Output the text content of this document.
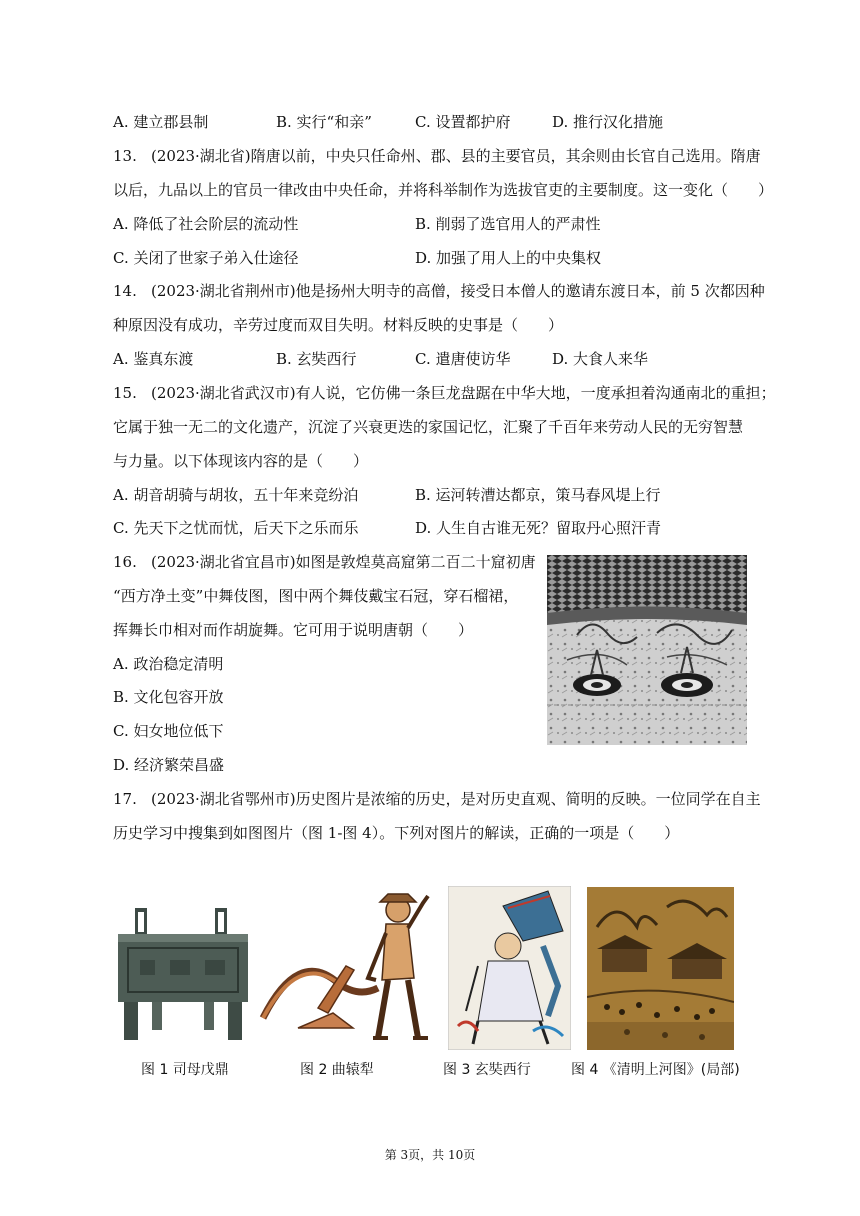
A. 建立郡县制	B. 实行“和亲”	C. 设置都护府	D. 推行汉化措施
13. (2023·湖北省)隋唐以前，中央只任命州、郡、县的主要官员，其余则由长官自己选用。隋唐
以后，九品以上的官员一律改由中央任命，并将科举制作为选拔官吏的主要制度。这一变化（　　）
A. 降低了社会阶层的流动性	B. 削弱了选官用人的严肃性
C. 关闭了世家子弟入仕途径	D. 加强了用人上的中央集权
14. (2023·湖北省荆州市)他是扬州大明寺的高僧，接受日本僧人的邀请东渡日本，前 5 次都因种
种原因没有成功，辛劳过度而双目失明。材料反映的史事是（　　）
A. 鉴真东渡	B. 玄奘西行	C. 遣唐使访华	D. 大食人来华
15. (2023·湖北省武汉市)有人说，它仿佛一条巨龙盘踞在中华大地，一度承担着沟通南北的重担；
它属于独一无二的文化遗产，沉淀了兴衰更迭的家国记忆，汇聚了千百年来劳动人民的无穷智慧
与力量。以下体现该内容的是（　　）
A. 胡音胡骑与胡妆，五十年来竞纷泊	B. 运河转漕达都京，策马春风堤上行
C. 先天下之忧而忧，后天下之乐而乐	D. 人生自古谁无死？留取丹心照汗青
16. (2023·湖北省宜昌市)如图是敦煌莫高窟第二百二十窟初唐
“西方净土变”中舞伎图，图中两个舞伎戴宝石冠，穿石榴裙，
挥舞长巾相对而作胡旋舞。它可用于说明唐朝（　　）
A. 政治稳定清明
B. 文化包容开放
C. 妇女地位低下
D. 经济繁荣昌盛
17. (2023·湖北省鄂州市)历史图片是浓缩的历史，是对历史直观、简明的反映。一位同学在自主
历史学习中搜集到如图图片（图 1-图 4）。下列对图片的解读，正确的一项是（　　）
图 1 司母戊鼎	图 2 曲辕犁	图 3 玄奘西行	图 4 《清明上河图》(局部)
第 3页，共 10页
